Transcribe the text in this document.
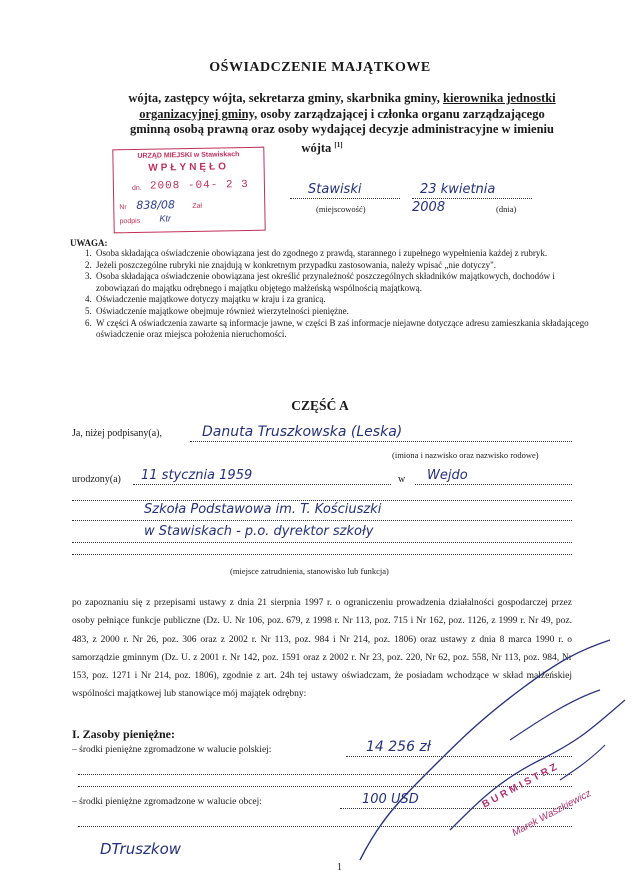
OŚWIADCZENIE MAJĄTKOWE
wójta, zastępcy wójta, sekretarza gminy, skarbnika gminy, kierownika jednostki
organizacyjnej gminy, osoby zarządzającej i członka organu zarządzającego
gminną osobą prawną oraz osoby wydającej decyzje administracyjne w imieniu
wójta [1]
URZĄD MIEJSKI w Stawiskach
WPŁYNĘŁO
dn. 2008 -04- 2 3
Nr 838/08 Zał
podpis Ktr
Stawiski	23 kwietnia 2008
(miejscowość)	(dnia)
UWAGA:
1. Osoba składająca oświadczenie obowiązana jest do zgodnego z prawdą, starannego i zupełnego wypełnienia każdej z rubryk.
2. Jeżeli poszczególne rubryki nie znajdują w konkretnym przypadku zastosowania, należy wpisać „nie dotyczy".
3. Osoba składająca oświadczenie obowiązana jest określić przynależność poszczególnych składników majątkowych, dochodów i zobowiązań do majątku odrębnego i majątku objętego małżeńską wspólnością majątkową.
4. Oświadczenie majątkowe dotyczy majątku w kraju i za granicą.
5. Oświadczenie majątkowe obejmuje również wierzytelności pieniężne.
6. W części A oświadczenia zawarte są informacje jawne, w części B zaś informacje niejawne dotyczące adresu zamieszkania składającego oświadczenie oraz miejsca położenia nieruchomości.
CZĘŚĆ A
Ja, niżej podpisany(a),	Danuta Truszkowska (Leska)
(imiona i nazwisko oraz nazwisko rodowe)
urodzony(a)	11 stycznia 1959	w	Wejdo
Szkoła Podstawowa im. T. Kościuszki
w Stawiskach - p.o. dyrektor szkoły
(miejsce zatrudnienia, stanowisko lub funkcja)
po zapoznaniu się z przepisami ustawy z dnia 21 sierpnia 1997 r. o ograniczeniu prowadzenia działalności gospodarczej przez osoby pełniące funkcje publiczne (Dz. U. Nr 106, poz. 679, z 1998 r. Nr 113, poz. 715 i Nr 162, poz. 1126, z 1999 r. Nr 49, poz. 483, z 2000 r. Nr 26, poz. 306 oraz z 2002 r. Nr 113, poz. 984 i Nr 214, poz. 1806) oraz ustawy z dnia 8 marca 1990 r. o samorządzie gminnym (Dz. U. z 2001 r. Nr 142, poz. 1591 oraz z 2002 r. Nr 23, poz. 220, Nr 62, poz. 558, Nr 113, poz. 984, Nr 153, poz. 1271 i Nr 214, poz. 1806), zgodnie z art. 24h tej ustawy oświadczam, że posiadam wchodzące w skład małżeńskiej wspólności majątkowej lub stanowiące mój majątek odrębny:
I. Zasoby pieniężne:
– środki pieniężne zgromadzone w walucie polskiej:	14 256 zł
– środki pieniężne zgromadzone w walucie obcej:	100 USD
DTruszkow
1
BURMISTRZ
Marek Waszkiewicz
